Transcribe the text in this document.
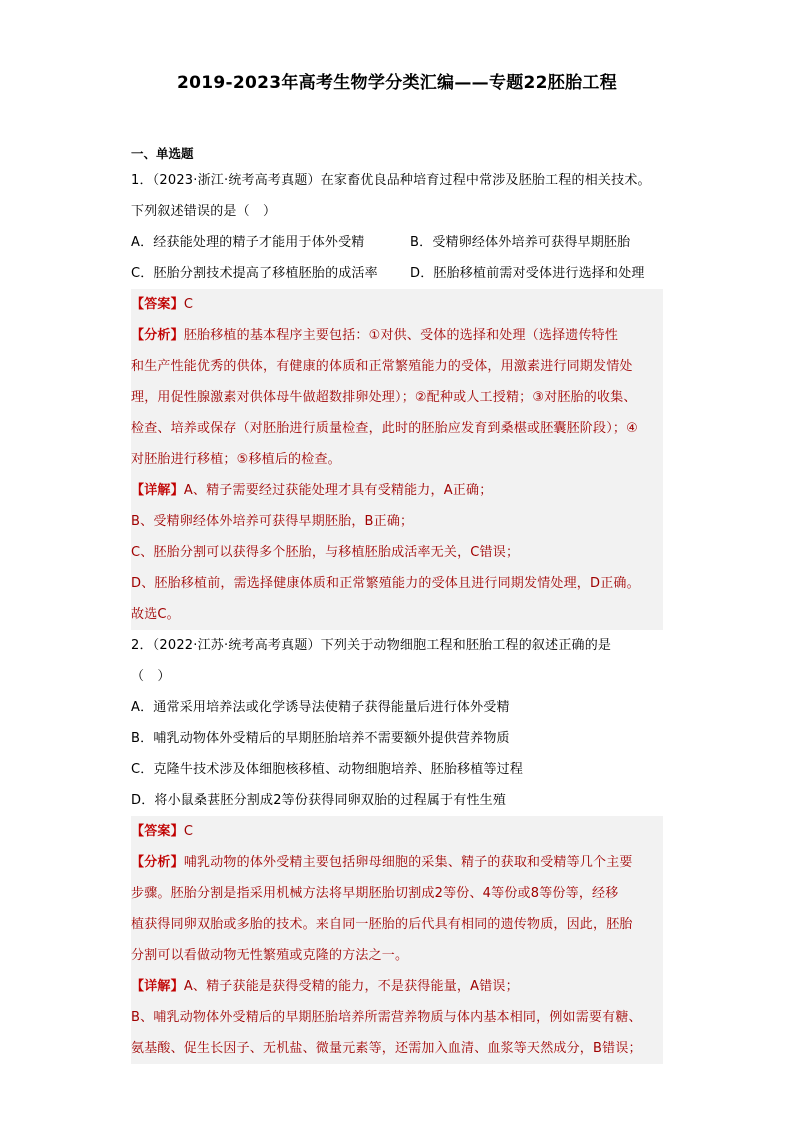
2019-2023年高考生物学分类汇编——专题22胚胎工程
一、单选题
1．（2023·浙江·统考高考真题）在家畜优良品种培育过程中常涉及胚胎工程的相关技术。
下列叙述错误的是（　）
A．经获能处理的精子才能用于体外受精	B．受精卵经体外培养可获得早期胚胎
C．胚胎分割技术提高了移植胚胎的成活率	D．胚胎移植前需对受体进行选择和处理
【答案】C
【分析】胚胎移植的基本程序主要包括：①对供、受体的选择和处理（选择遗传特性
和生产性能优秀的供体，有健康的体质和正常繁殖能力的受体，用激素进行同期发情处
理，用促性腺激素对供体母牛做超数排卵处理）；②配种或人工授精；③对胚胎的收集、
检查、培养或保存（对胚胎进行质量检查，此时的胚胎应发育到桑椹或胚囊胚阶段）；④
对胚胎进行移植；⑤移植后的检查。
【详解】A、精子需要经过获能处理才具有受精能力，A正确；
B、受精卵经体外培养可获得早期胚胎，B正确；
C、胚胎分割可以获得多个胚胎，与移植胚胎成活率无关，C错误；
D、胚胎移植前，需选择健康体质和正常繁殖能力的受体且进行同期发情处理，D正确。
故选C。
2．（2022·江苏·统考高考真题）下列关于动物细胞工程和胚胎工程的叙述正确的是
（　）
A．通常采用培养法或化学诱导法使精子获得能量后进行体外受精
B．哺乳动物体外受精后的早期胚胎培养不需要额外提供营养物质
C．克隆牛技术涉及体细胞核移植、动物细胞培养、胚胎移植等过程
D．将小鼠桑葚胚分割成2等份获得同卵双胎的过程属于有性生殖
【答案】C
【分析】哺乳动物的体外受精主要包括卵母细胞的采集、精子的获取和受精等几个主要
步骤。胚胎分割是指采用机械方法将早期胚胎切割成2等份、4等份或8等份等，经移
植获得同卵双胎或多胎的技术。来自同一胚胎的后代具有相同的遗传物质，因此，胚胎
分割可以看做动物无性繁殖或克隆的方法之一。
【详解】A、精子获能是获得受精的能力，不是获得能量，A错误；
B、哺乳动物体外受精后的早期胚胎培养所需营养物质与体内基本相同，例如需要有糖、
氨基酸、促生长因子、无机盐、微量元素等，还需加入血清、血浆等天然成分，B错误；
